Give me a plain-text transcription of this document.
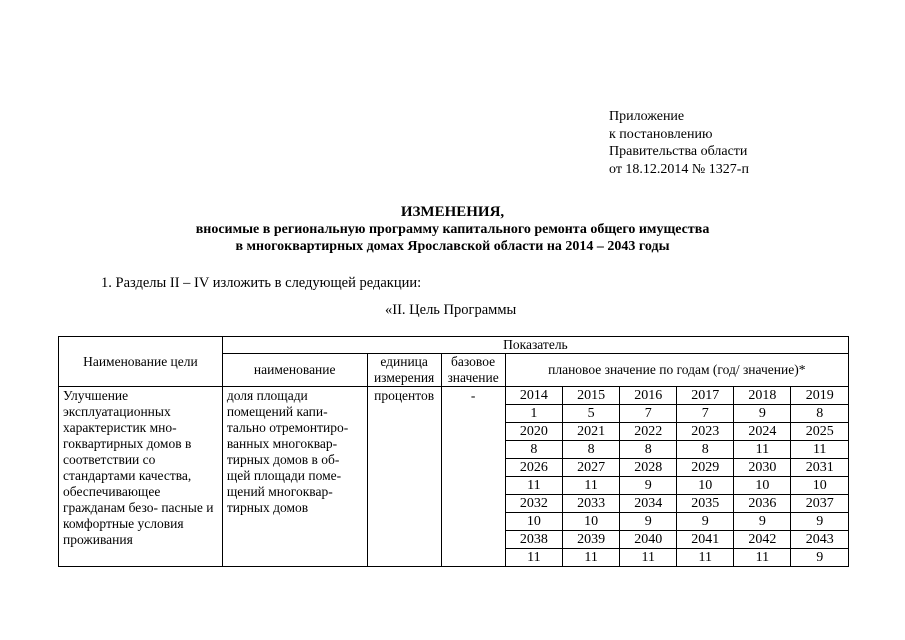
Приложение
к постановлению
Правительства области
от 18.12.2014 № 1327-п
ИЗМЕНЕНИЯ,
вносимые в региональную программу капитального ремонта общего имущества
в многоквартирных домах Ярославской области на 2014 – 2043 годы
1. Разделы II – IV изложить в следующей редакции:
«II. Цель Программы
Наименование цели	Показатель
наименование	единица измерения	базовое значение	плановое значение по годам (год/ значение)*
Улучшение эксплуатационных характеристик мно- гоквартирных домов в соответствии со стандартами качества, обеспечивающее гражданам безо- пасные и комфортные условия проживания	доля площади помещений капи- тально отремонтиро- ванных многоквар- тирных домов в об- щей площади поме- щений многоквар- тирных домов	процентов	-		2014	2015	2016	2017	2018	2019
1	5	7	7	9	8
2020	2021	2022	2023	2024	2025
8	8	8	8	11	11
2026	2027	2028	2029	2030	2031
11	11	9	10	10	10
2032	2033	2034	2035	2036	2037
10	10	9	9	9	9
2038	2039	2040	2041	2042	2043
11	11	11	11	11	9
